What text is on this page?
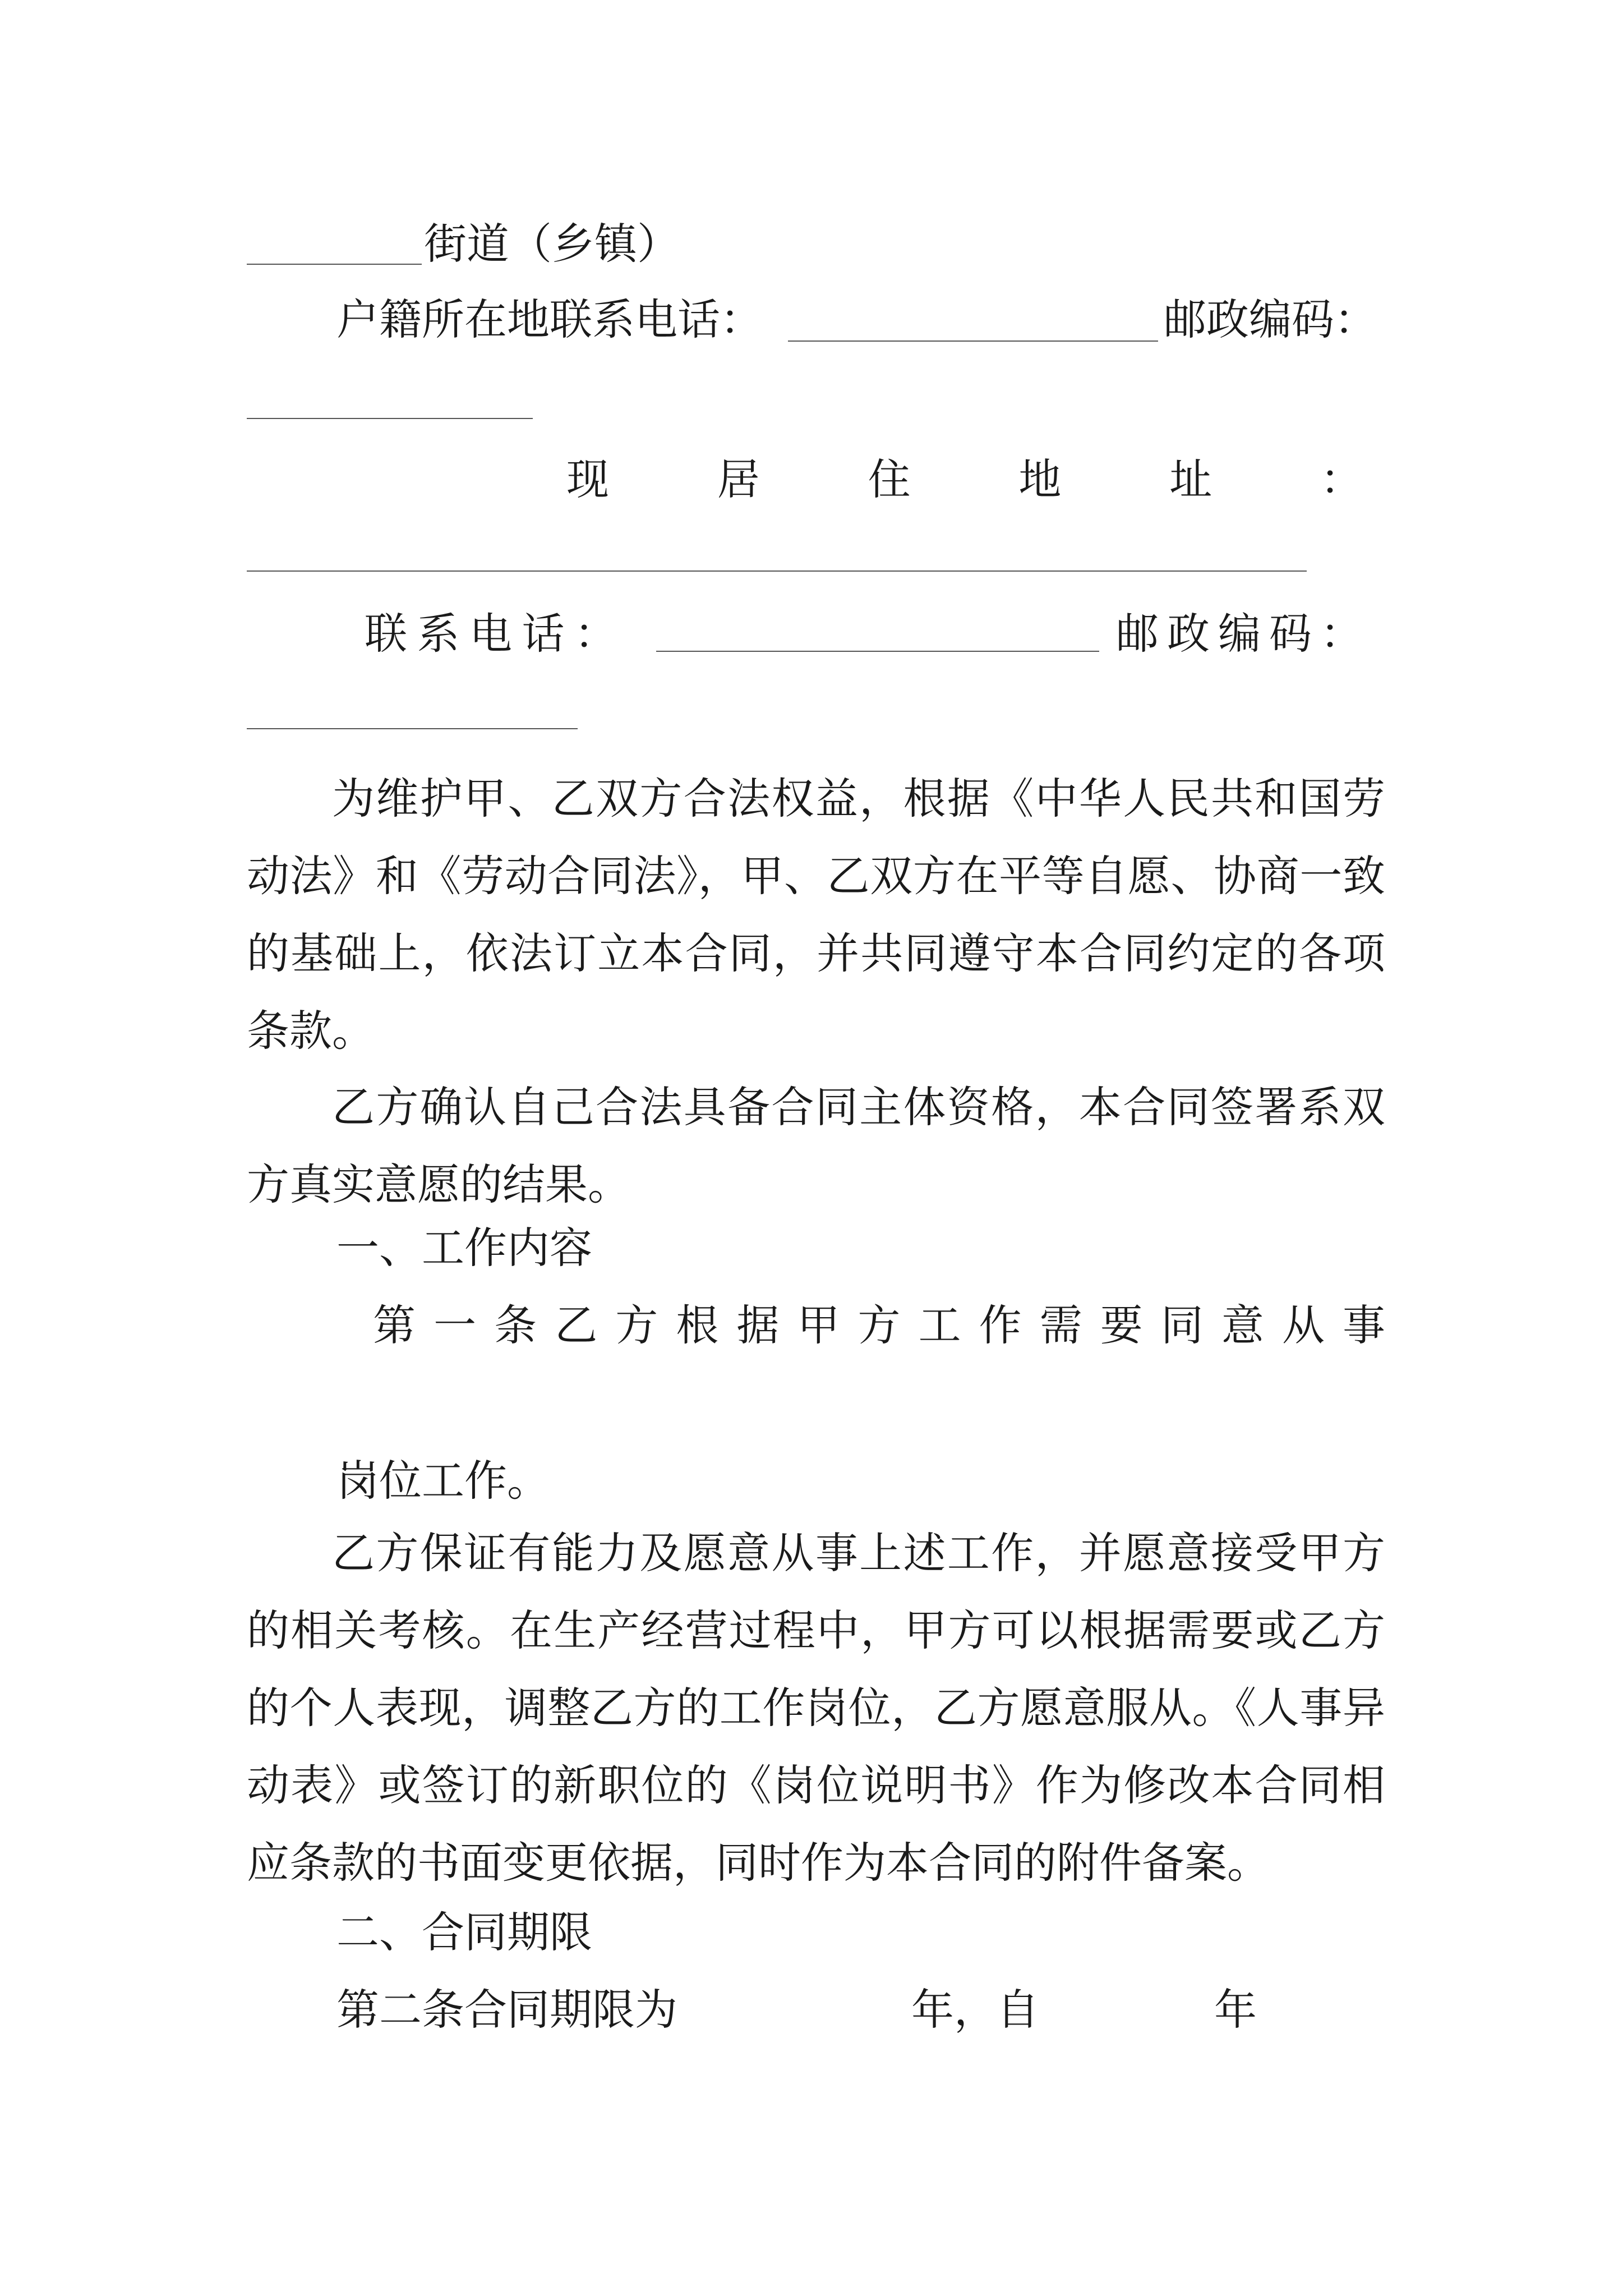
街道（乡镇）
户籍所在地联系电话：	邮政编码：
现	居	住	地	址	：
联 系 电 话 ：	邮 政 编 码 ：

为维护甲、乙双方合法权益，根据《中华人民共和国劳动法》和《劳动合同法》，甲、乙双方在平等自愿、协商一致的基础上，依法订立本合同，并共同遵守本合同约定的各项条款。

乙方确认自己合法具备合同主体资格，本合同签署系双方真实意愿的结果。

一、工作内容
第 一 条 乙 方 根 据 甲 方 工 作 需 要 同 意 从 事
岗位工作。

乙方保证有能力及愿意从事上述工作，并愿意接受甲方的相关考核。在生产经营过程中，甲方可以根据需要或乙方的个人表现，调整乙方的工作岗位，乙方愿意服从。《人事异动表》或签订的新职位的《岗位说明书》作为修改本合同相应条款的书面变更依据，同时作为本合同的附件备案。

二、合同期限
第二条合同期限为	年，自	年
